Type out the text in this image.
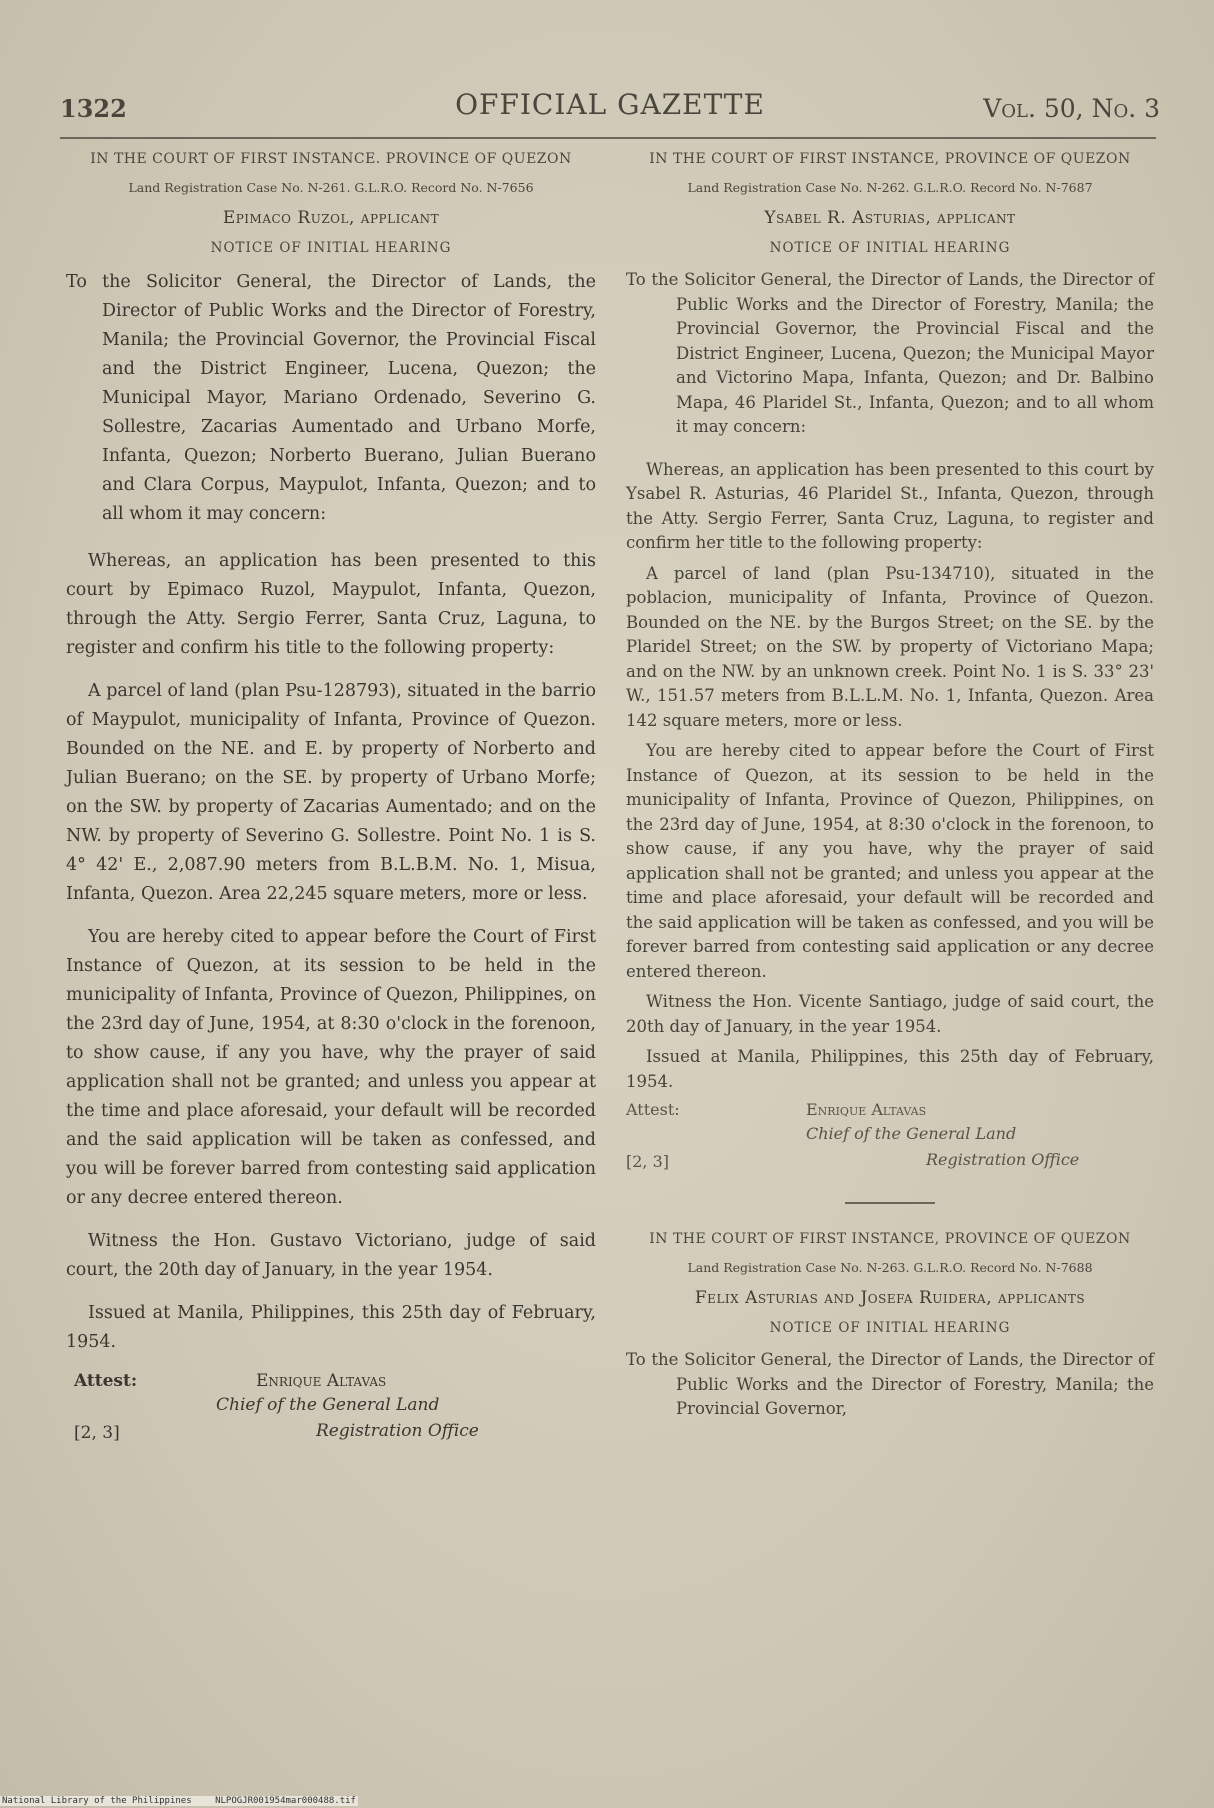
1322	OFFICIAL GAZETTE	Vol. 50, No. 3
IN THE COURT OF FIRST INSTANCE. PROVINCE OF QUEZON
Land Registration Case No. N-261. G.L.R.O. Record No. N-7656
Epimaco Ruzol, applicant
NOTICE OF INITIAL HEARING

To the Solicitor General, the Director of Lands, the Director of Public Works and the Director of Forestry, Manila; the Provincial Governor, the Provincial Fiscal and the District Engineer, Lucena, Quezon; the Municipal Mayor, Mariano Ordenado, Severino G. Sollestre, Zacarias Aumentado and Urbano Morfe, Infanta, Quezon; Norberto Buerano, Julian Buerano and Clara Corpus, Maypulot, Infanta, Quezon; and to all whom it may concern:

Whereas, an application has been presented to this court by Epimaco Ruzol, Maypulot, Infanta, Quezon, through the Atty. Sergio Ferrer, Santa Cruz, Laguna, to register and confirm his title to the following property:

A parcel of land (plan Psu-128793), situated in the barrio of Maypulot, municipality of Infanta, Province of Quezon. Bounded on the NE. and E. by property of Norberto and Julian Buerano; on the SE. by property of Urbano Morfe; on the SW. by property of Zacarias Aumentado; and on the NW. by property of Severino G. Sollestre. Point No. 1 is S. 4° 42' E., 2,087.90 meters from B.L.B.M. No. 1, Misua, Infanta, Quezon. Area 22,245 square meters, more or less.

You are hereby cited to appear before the Court of First Instance of Quezon, at its session to be held in the municipality of Infanta, Province of Quezon, Philippines, on the 23rd day of June, 1954, at 8:30 o'clock in the forenoon, to show cause, if any you have, why the prayer of said application shall not be granted; and unless you appear at the time and place aforesaid, your default will be recorded and the said application will be taken as confessed, and you will be forever barred from contesting said application or any decree entered thereon.

Witness the Hon. Gustavo Victoriano, judge of said court, the 20th day of January, in the year 1954.

Issued at Manila, Philippines, this 25th day of February, 1954.

Attest:	Enrique Altavas
Chief of the General Land
[2, 3]	Registration Office
IN THE COURT OF FIRST INSTANCE, PROVINCE OF QUEZON
Land Registration Case No. N-262. G.L.R.O. Record No. N-7687
Ysabel R. Asturias, applicant
NOTICE OF INITIAL HEARING

To the Solicitor General, the Director of Lands, the Director of Public Works and the Director of Forestry, Manila; the Provincial Governor, the Provincial Fiscal and the District Engineer, Lucena, Quezon; the Municipal Mayor and Victorino Mapa, Infanta, Quezon; and Dr. Balbino Mapa, 46 Plaridel St., Infanta, Quezon; and to all whom it may concern:

Whereas, an application has been presented to this court by Ysabel R. Asturias, 46 Plaridel St., Infanta, Quezon, through the Atty. Sergio Ferrer, Santa Cruz, Laguna, to register and confirm her title to the following property:

A parcel of land (plan Psu-134710), situated in the poblacion, municipality of Infanta, Province of Quezon. Bounded on the NE. by the Burgos Street; on the SE. by the Plaridel Street; on the SW. by property of Victoriano Mapa; and on the NW. by an unknown creek. Point No. 1 is S. 33° 23' W., 151.57 meters from B.L.L.M. No. 1, Infanta, Quezon. Area 142 square meters, more or less.

You are hereby cited to appear before the Court of First Instance of Quezon, at its session to be held in the municipality of Infanta, Province of Quezon, Philippines, on the 23rd day of June, 1954, at 8:30 o'clock in the forenoon, to show cause, if any you have, why the prayer of said application shall not be granted; and unless you appear at the time and place aforesaid, your default will be recorded and the said application will be taken as confessed, and you will be forever barred from contesting said application or any decree entered thereon.

Witness the Hon. Vicente Santiago, judge of said court, the 20th day of January, in the year 1954.

Issued at Manila, Philippines, this 25th day of February, 1954.

Attest:	Enrique Altavas
Chief of the General Land
[2, 3]	Registration Office
IN THE COURT OF FIRST INSTANCE, PROVINCE OF QUEZON
Land Registration Case No. N-263. G.L.R.O. Record No. N-7688
Felix Asturias and Josefa Ruidera, applicants
NOTICE OF INITIAL HEARING

To the Solicitor General, the Director of Lands, the Director of Public Works and the Director of Forestry, Manila; the Provincial Governor,

National Library of the Philippines	NLPOGJR001954mar000488.tif
